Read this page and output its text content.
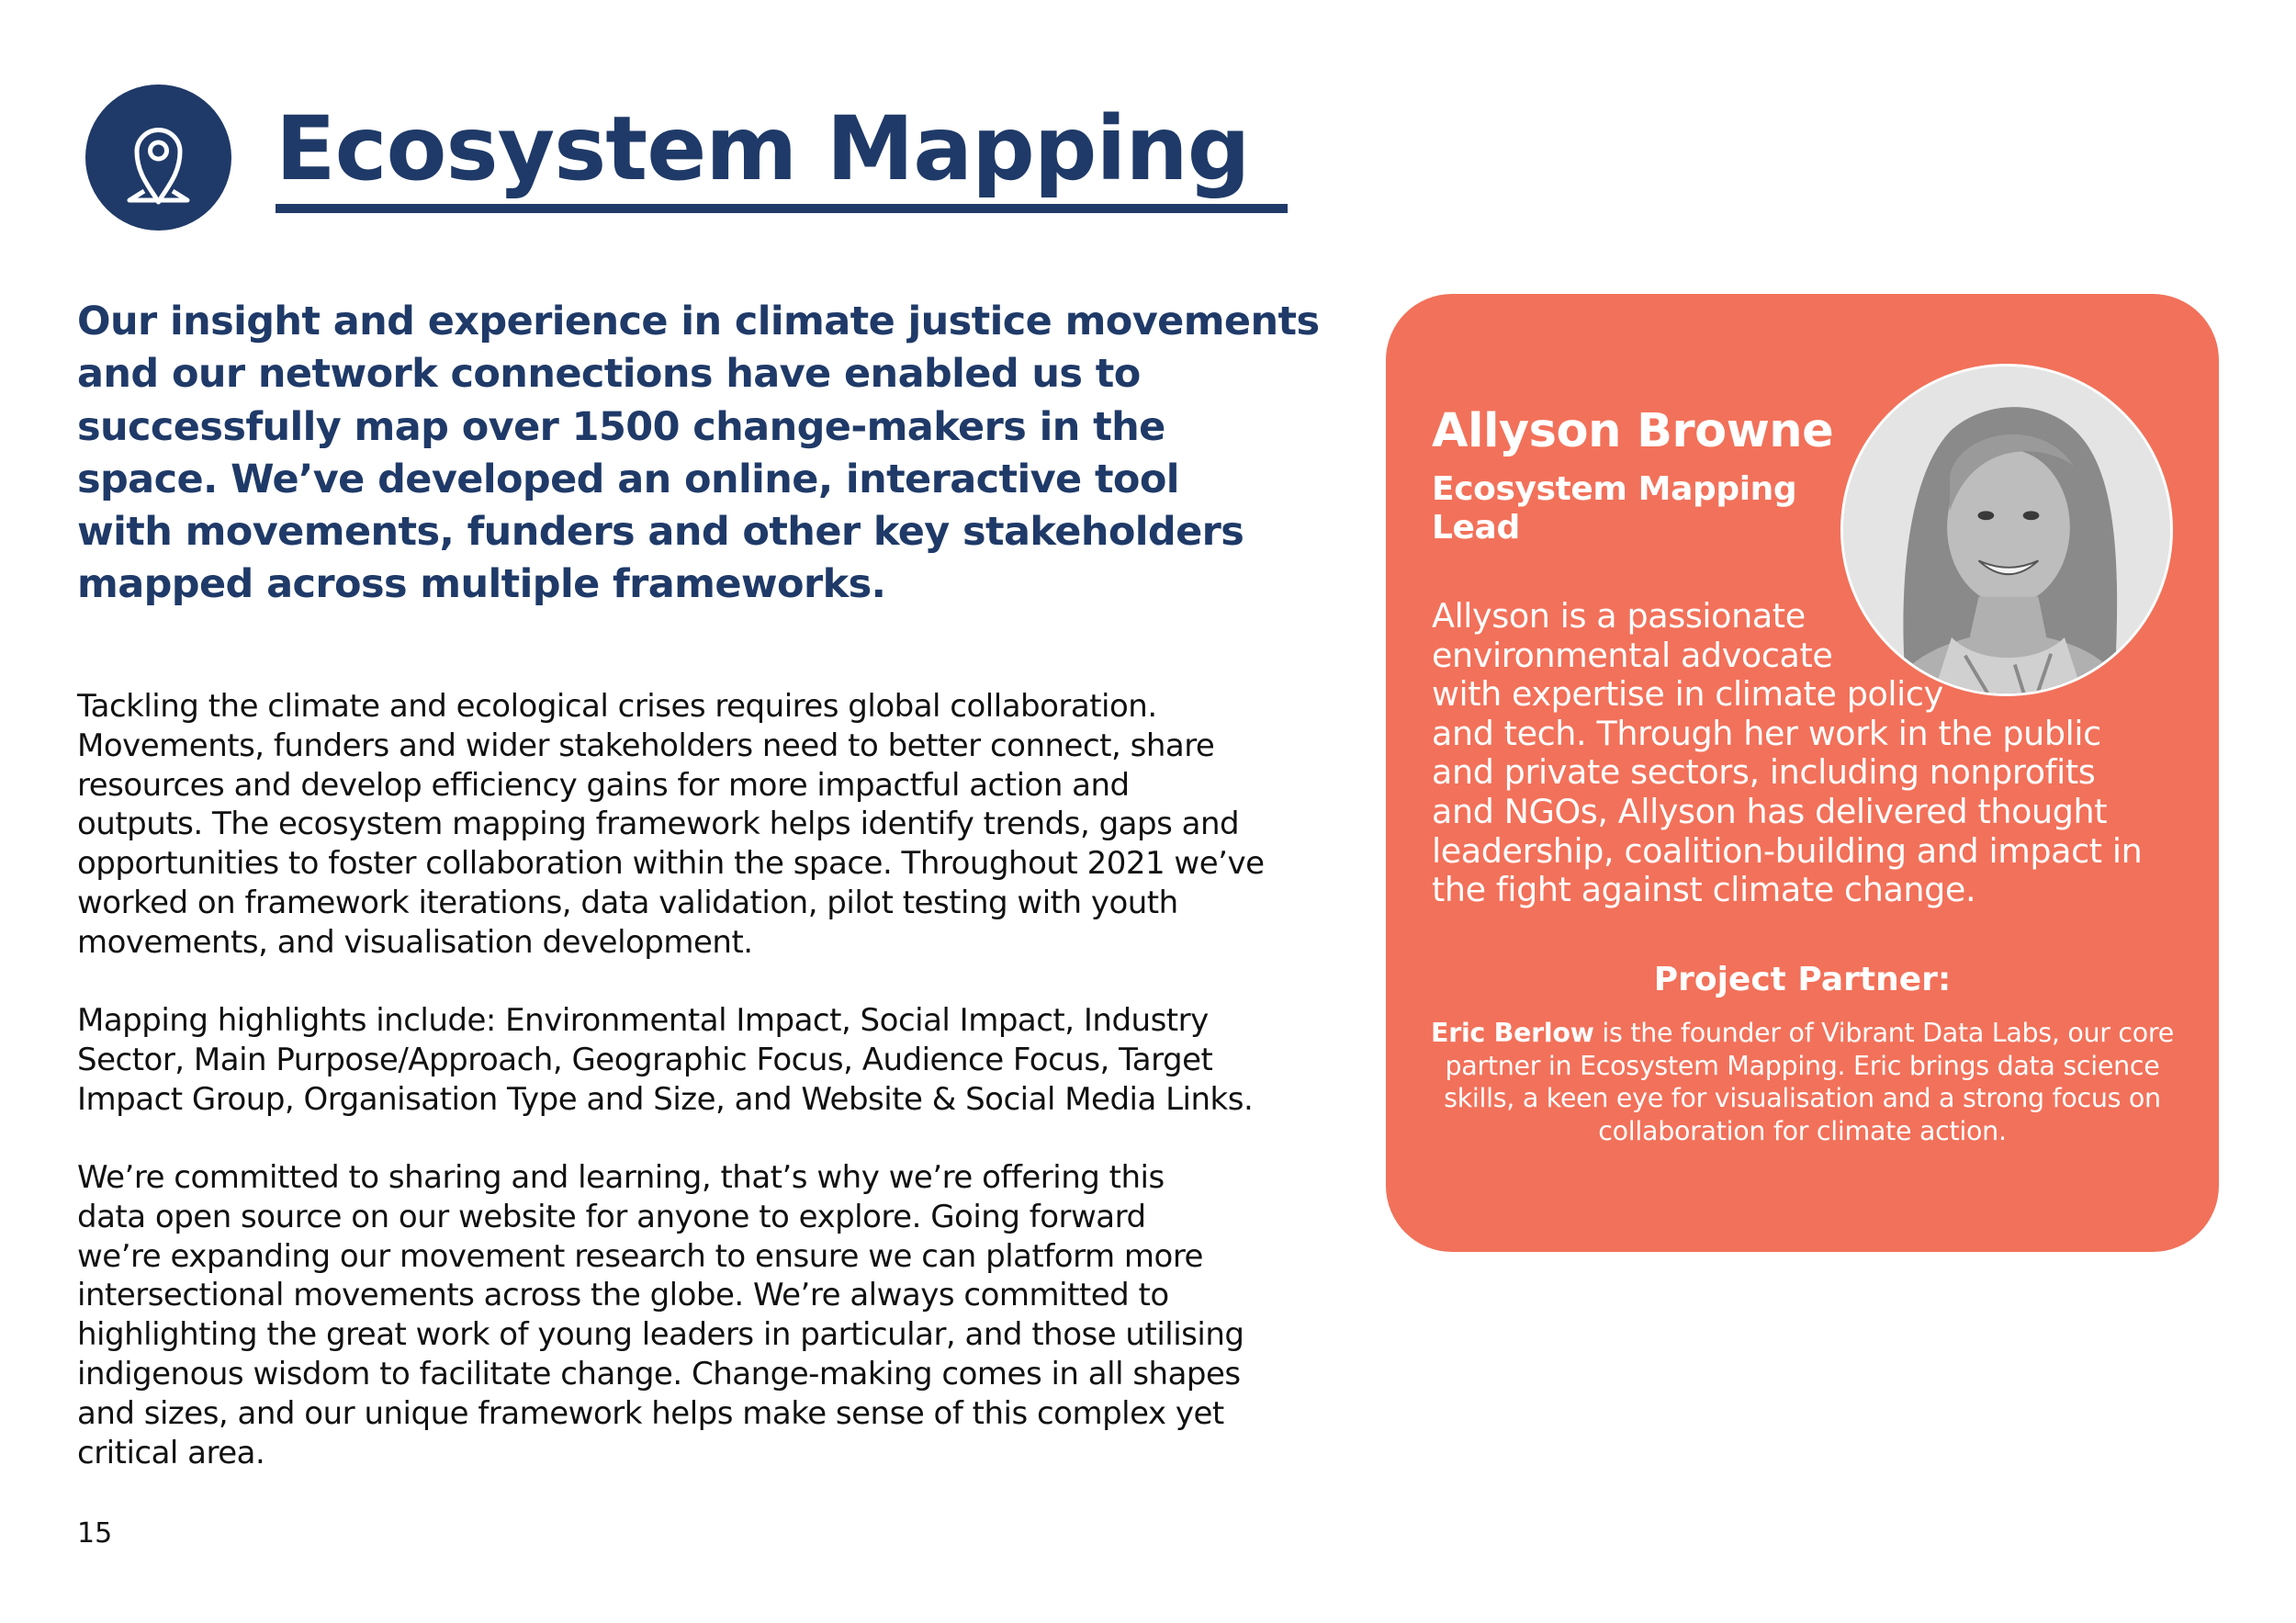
Ecosystem Mapping

Our insight and experience in climate justice movements
and our network connections have enabled us to
successfully map over 1500 change-makers in the
space. We’ve developed an online, interactive tool
with movements, funders and other key stakeholders
mapped across multiple frameworks.

Tackling the climate and ecological crises requires global collaboration.
Movements, funders and wider stakeholders need to better connect, share
resources and develop efficiency gains for more impactful action and
outputs. The ecosystem mapping framework helps identify trends, gaps and
opportunities to foster collaboration within the space. Throughout 2021 we’ve
worked on framework iterations, data validation, pilot testing with youth
movements, and visualisation development.

Mapping highlights include: Environmental Impact, Social Impact, Industry
Sector, Main Purpose/Approach, Geographic Focus, Audience Focus, Target
Impact Group, Organisation Type and Size, and Website & Social Media Links.

We’re committed to sharing and learning, that’s why we’re offering this
data open source on our website for anyone to explore. Going forward
we’re expanding our movement research to ensure we can platform more
intersectional movements across the globe. We’re always committed to
highlighting the great work of young leaders in particular, and those utilising
indigenous wisdom to facilitate change. Change-making comes in all shapes
and sizes, and our unique framework helps make sense of this complex yet
critical area.

15

Allyson Browne

Ecosystem Mapping
Lead

Allyson is a passionate
environmental advocate
with expertise in climate policy
and tech. Through her work in the public
and private sectors, including nonprofits
and NGOs, Allyson has delivered thought
leadership, coalition-building and impact in
the fight against climate change.

Project Partner:

Eric Berlow is the founder of Vibrant Data Labs, our core
partner in Ecosystem Mapping. Eric brings data science
skills, a keen eye for visualisation and a strong focus on
collaboration for climate action.
